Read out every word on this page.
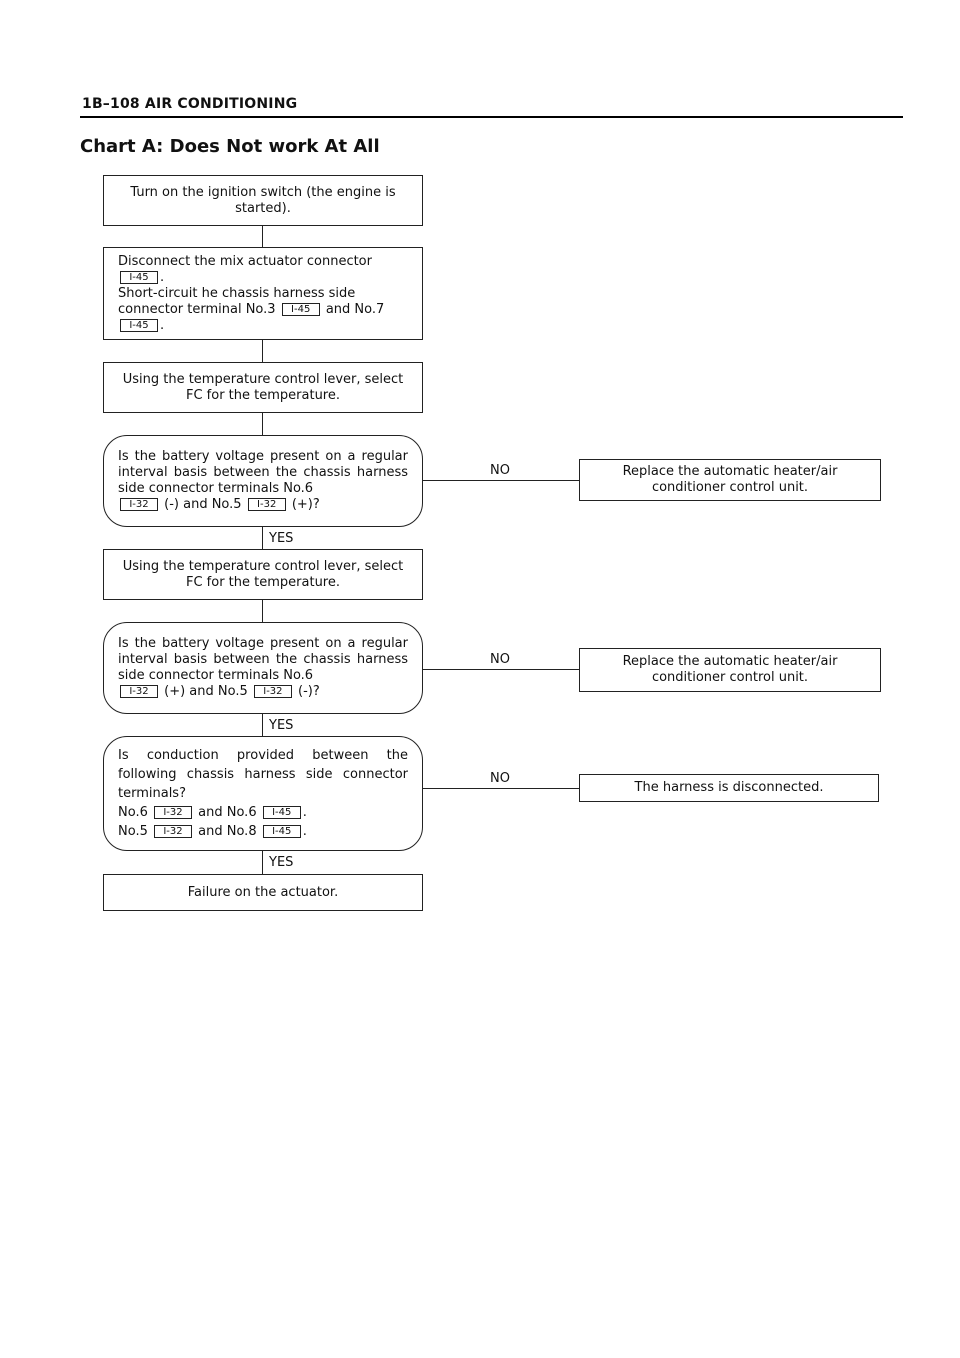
1B–108 AIR CONDITIONING
Chart A: Does Not work At All
YES
YES
YES
NO
NO
NO
Turn on the ignition switch (the engine is started).
Disconnect the mix actuator connector
I-45 .
Short-circuit he chassis harness side
connector terminal No.3 I-45 and No.7
I-45 .
Using the temperature control lever, select FC for the temperature.
Is the battery voltage present on a regular interval basis between the chassis harness side connector terminals No.6
I-32 (-) and No.5 I-32 (+)?
Replace the automatic heater/air conditioner control unit.
Using the temperature control lever, select FC for the temperature.
Is the battery voltage present on a regular interval basis between the chassis harness side connector terminals No.6
I-32 (+) and No.5 I-32 (-)?
Replace the automatic heater/air conditioner control unit.
Is conduction provided between the following chassis harness side connector terminals?
No.6 I-32 and No.6 I-45 .
No.5 I-32 and No.8 I-45 .
The harness is disconnected.
Failure on the actuator.
